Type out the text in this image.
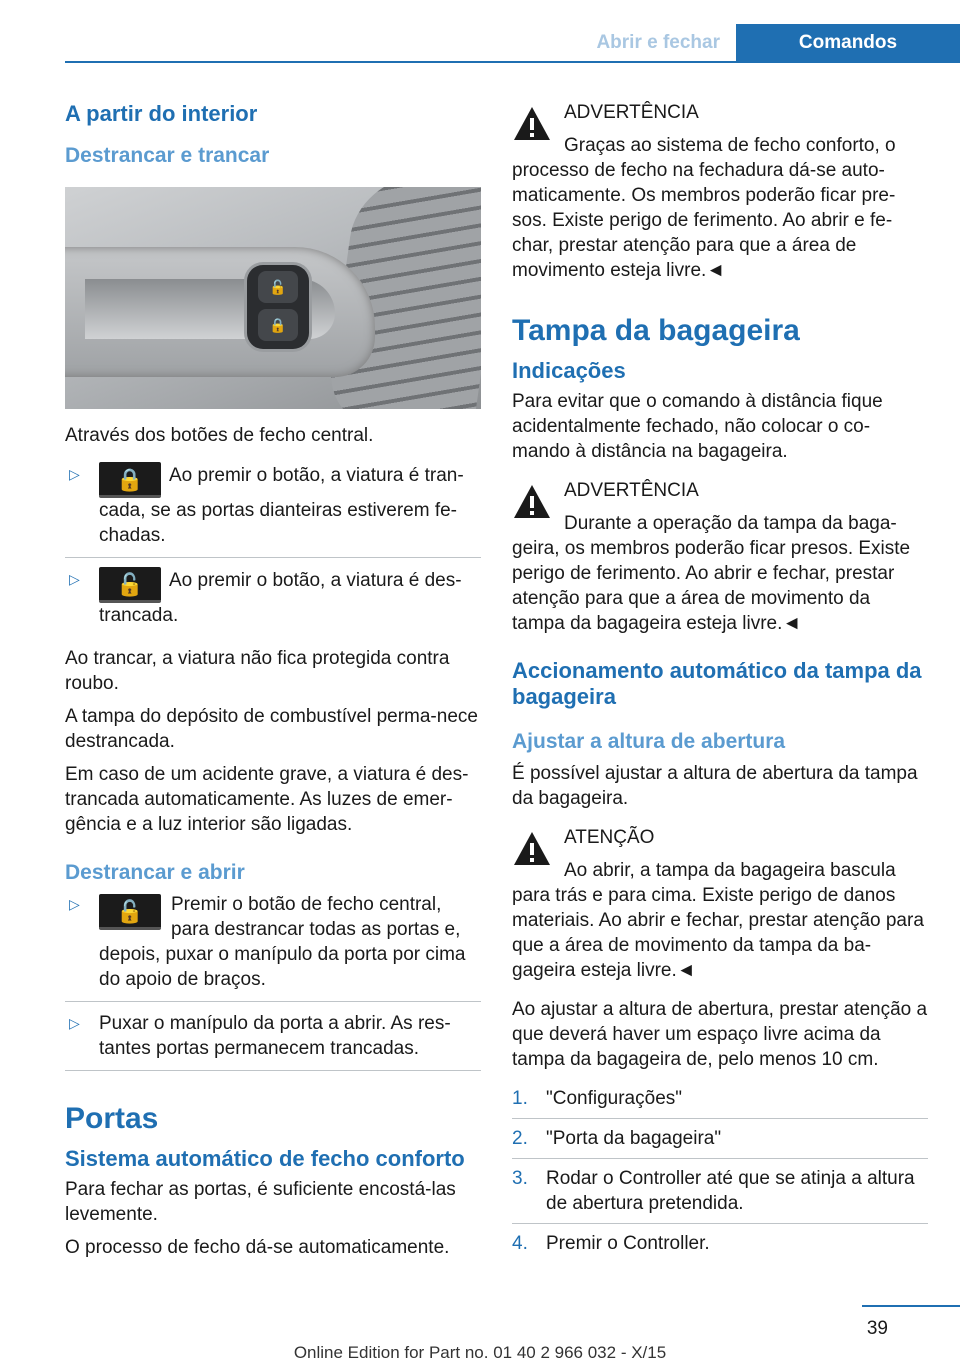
Abrir e fechar	Comandos
A partir do interior
Destrancar e trancar
🔓
🔒

Através dos botões de fecho central.

▷ 🔒 Ao premir o botão, a viatura é tran-cada, se as portas dianteiras estiverem fe-chadas.
▷ 🔓 Ao premir o botão, a viatura é des-trancada.

Ao trancar, a viatura não fica protegida contra roubo.

A tampa do depósito de combustível perma-nece destrancada.

Em caso de um acidente grave, a viatura é des-trancada automaticamente. As luzes de emer-gência e a luz interior são ligadas.

Destrancar e abrir
▷	🔓	Premir o botão de fecho central, para destrancar todas as portas e, depois, puxar o manípulo da porta por cima do apoio de braços.
▷ Puxar o manípulo da porta a abrir. As res-tantes portas permanecem trancadas.
Portas
Sistema automático de fecho conforto

Para fechar as portas, é suficiente encostá-las levemente.

O processo de fecho dá-se automaticamente.

ADVERTÊNCIA
Graças ao sistema de fecho conforto, o processo de fecho na fechadura dá-se auto-maticamente. Os membros poderão ficar pre-sos. Existe perigo de ferimento. Ao abrir e fe-char, prestar atenção para que a área de movimento esteja livre.◄
Tampa da bagageira
Indicações

Para evitar que o comando à distância fique acidentalmente fechado, não colocar o co-mando à distância na bagageira.

ADVERTÊNCIA
Durante a operação da tampa da baga-geira, os membros poderão ficar presos. Existe perigo de ferimento. Ao abrir e fechar, prestar atenção para que a área de movimento da tampa da bagageira esteja livre.◄
Accionamento automático da tampa da bagageira
Ajustar a altura de abertura

É possível ajustar a altura de abertura da tampa da bagageira.

ATENÇÃO
Ao abrir, a tampa da bagageira bascula para trás e para cima. Existe perigo de danos materiais. Ao abrir e fechar, prestar atenção para que a área de movimento da tampa da ba-gageira esteja livre.◄

Ao ajustar a altura de abertura, prestar atenção a que deverá haver um espaço livre acima da tampa da bagageira de, pelo menos 10 cm.

1. "Configurações"
2. "Porta da bagageira"
3. Rodar o Controller até que se atinja a altura de abertura pretendida.
4. Premir o Controller.
39
Online Edition for Part no. 01 40 2 966 032 - X/15
